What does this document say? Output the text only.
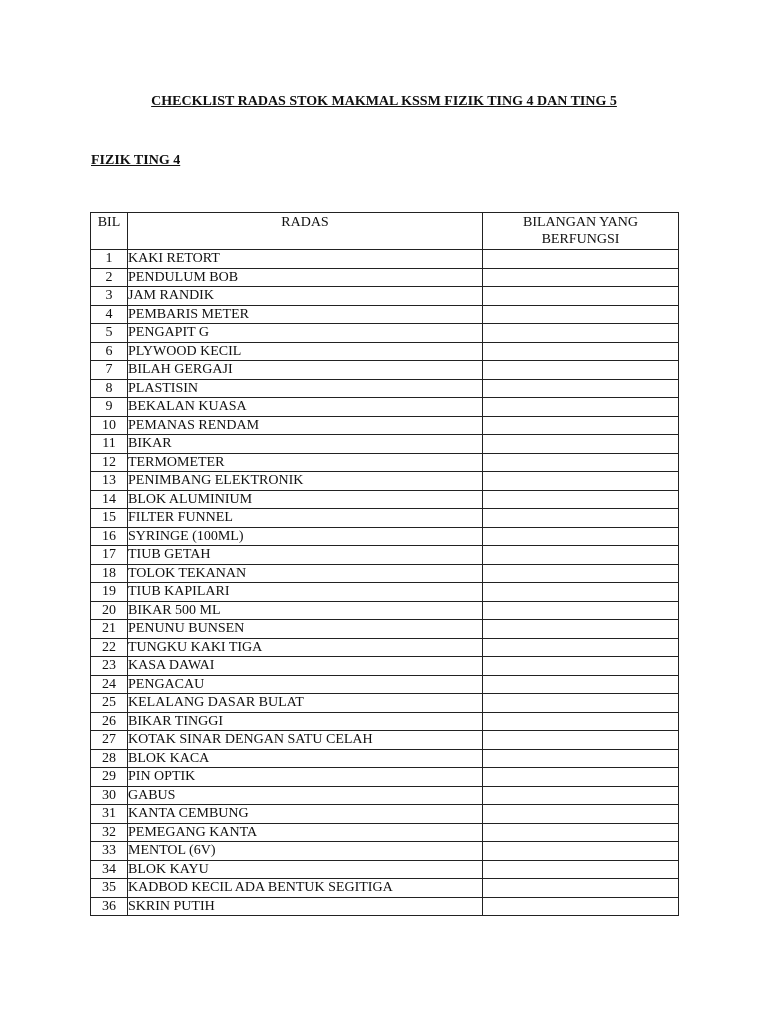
CHECKLIST RADAS STOK MAKMAL KSSM FIZIK TING 4 DAN TING 5
FIZIK TING 4
BIL	RADAS	BILANGAN YANG BERFUNGSI
1	KAKI RETORT	
2	PENDULUM BOB	
3	JAM RANDIK	
4	PEMBARIS METER	
5	PENGAPIT G	
6	PLYWOOD KECIL	
7	BILAH GERGAJI	
8	PLASTISIN	
9	BEKALAN KUASA	
10	PEMANAS RENDAM	
11	BIKAR	
12	TERMOMETER	
13	PENIMBANG ELEKTRONIK	
14	BLOK ALUMINIUM	
15	FILTER FUNNEL	
16	SYRINGE (100ML)	
17	TIUB GETAH	
18	TOLOK TEKANAN	
19	TIUB KAPILARI	
20	BIKAR 500 ML	
21	PENUNU BUNSEN	
22	TUNGKU KAKI TIGA	
23	KASA DAWAI	
24	PENGACAU	
25	KELALANG DASAR BULAT	
26	BIKAR TINGGI	
27	KOTAK SINAR DENGAN SATU CELAH	
28	BLOK KACA	
29	PIN OPTIK	
30	GABUS	
31	KANTA CEMBUNG	
32	PEMEGANG KANTA	
33	MENTOL (6V)	
34	BLOK KAYU	
35	KADBOD KECIL ADA BENTUK SEGITIGA	
36	SKRIN PUTIH	
